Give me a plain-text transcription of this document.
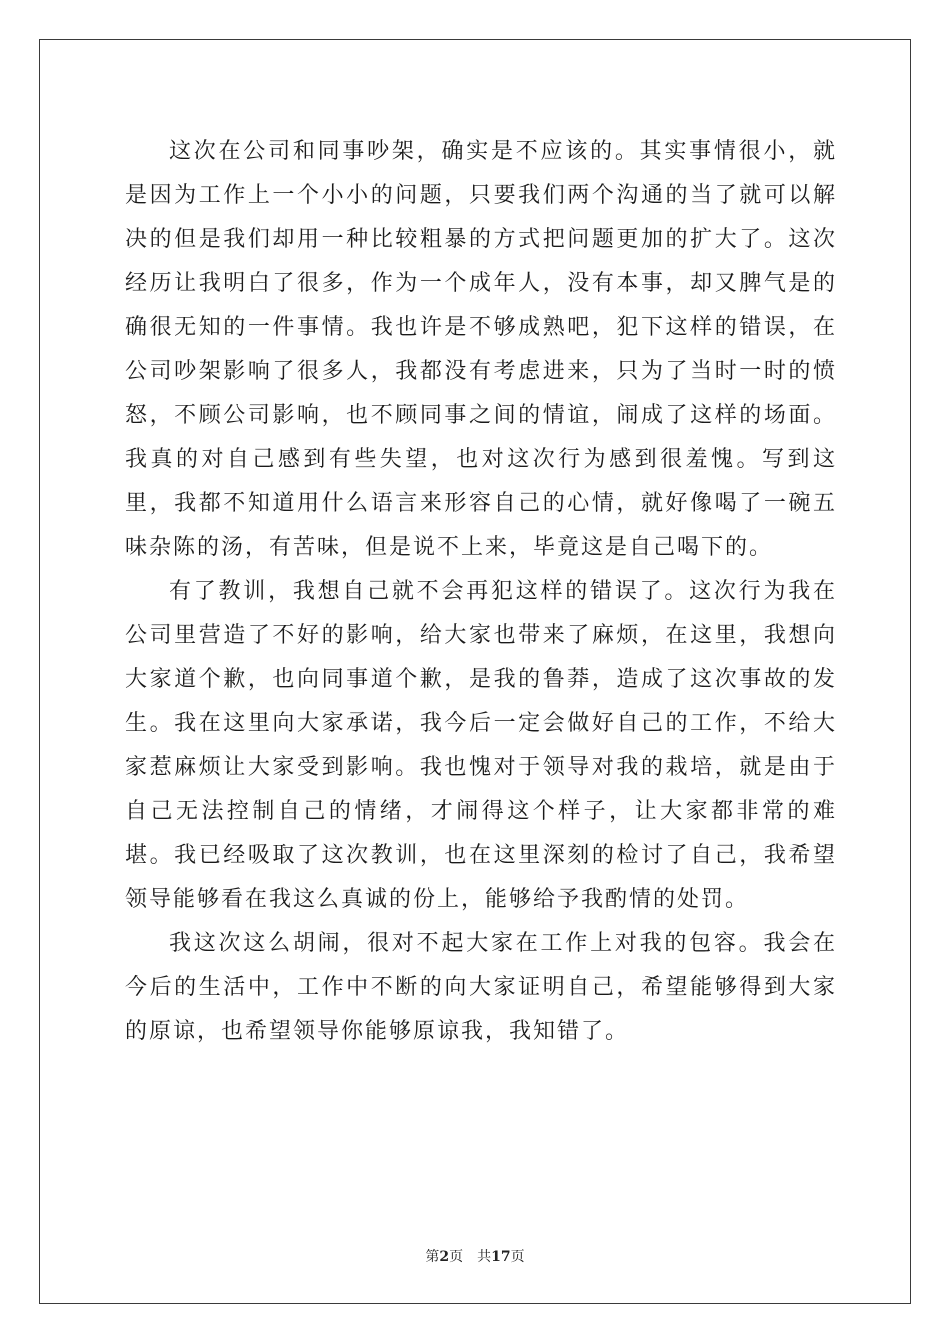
这次在公司和同事吵架，确实是不应该的。其实事情很小，就是因为工作上一个小小的问题，只要我们两个沟通的当了就可以解决的但是我们却用一种比较粗暴的方式把问题更加的扩大了。这次经历让我明白了很多，作为一个成年人，没有本事，却又脾气是的确很无知的一件事情。我也许是不够成熟吧，犯下这样的错误，在公司吵架影响了很多人，我都没有考虑进来，只为了当时一时的愤怒，不顾公司影响，也不顾同事之间的情谊，闹成了这样的场面。我真的对自己感到有些失望，也对这次行为感到很羞愧。写到这里，我都不知道用什么语言来形容自己的心情，就好像喝了一碗五味杂陈的汤，有苦味，但是说不上来，毕竟这是自己喝下的。

有了教训，我想自己就不会再犯这样的错误了。这次行为我在公司里营造了不好的影响，给大家也带来了麻烦，在这里，我想向大家道个歉，也向同事道个歉，是我的鲁莽，造成了这次事故的发生。我在这里向大家承诺，我今后一定会做好自己的工作，不给大家惹麻烦让大家受到影响。我也愧对于领导对我的栽培，就是由于自己无法控制自己的情绪，才闹得这个样子，让大家都非常的难堪。我已经吸取了这次教训，也在这里深刻的检讨了自己，我希望领导能够看在我这么真诚的份上，能够给予我酌情的处罚。

我这次这么胡闹，很对不起大家在工作上对我的包容。我会在今后的生活中，工作中不断的向大家证明自己，希望能够得到大家的原谅，也希望领导你能够原谅我，我知错了。

第2页 共17页
